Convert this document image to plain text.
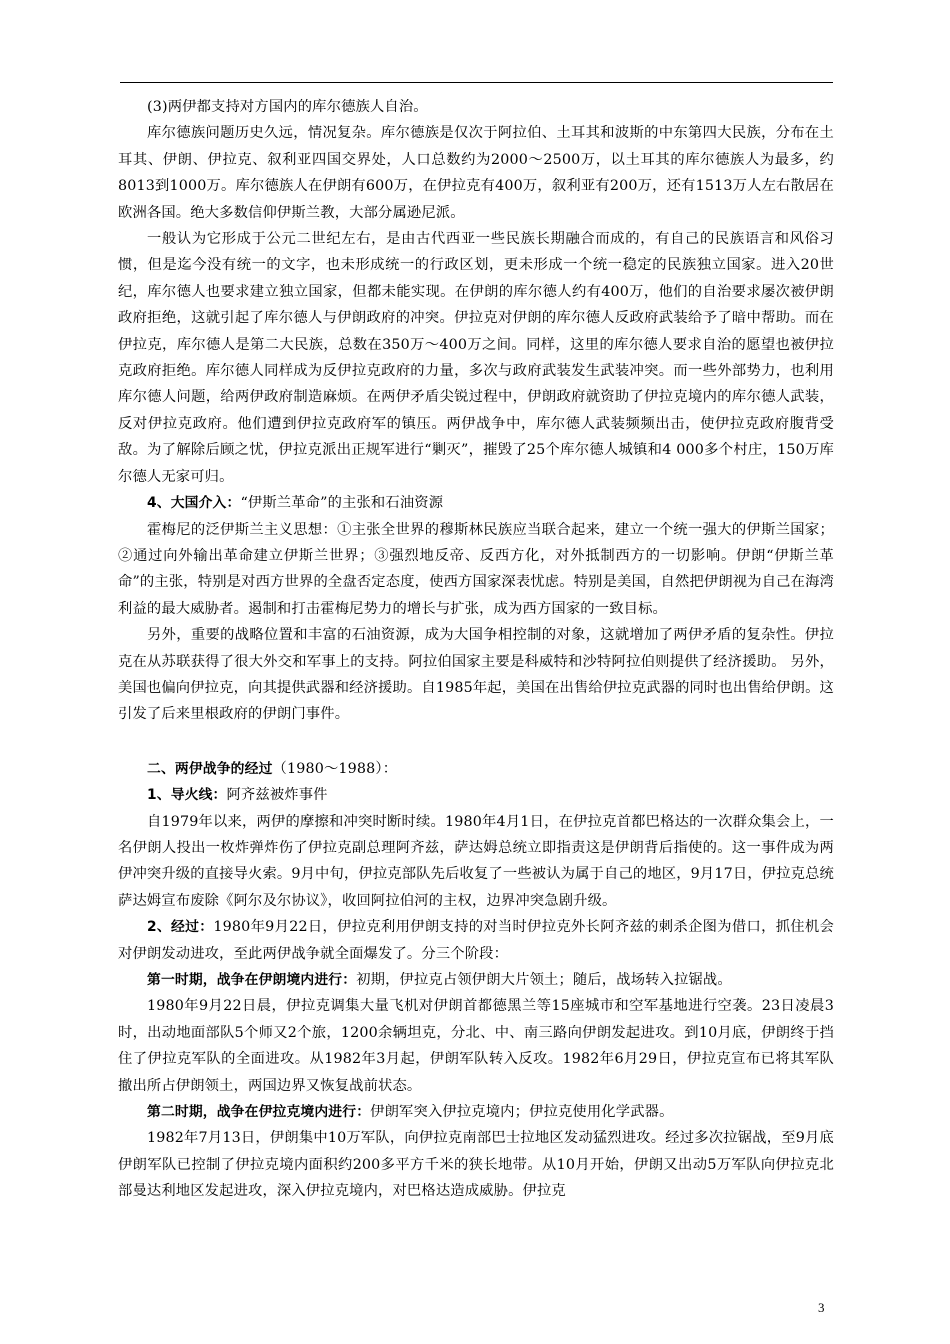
(3)两伊都支持对方国内的库尔德族人自治。

库尔德族问题历史久远，情况复杂。库尔德族是仅次于阿拉伯、土耳其和波斯的中东第四大民族，分布在土耳其、伊朗、伊拉克、叙利亚四国交界处，人口总数约为2000～2500万，以土耳其的库尔德族人为最多，约8013到1000万。库尔德族人在伊朗有600万，在伊拉克有400万，叙利亚有200万，还有1513万人左右散居在欧洲各国。绝大多数信仰伊斯兰教，大部分属逊尼派。

一般认为它形成于公元二世纪左右，是由古代西亚一些民族长期融合而成的，有自己的民族语言和风俗习惯，但是迄今没有统一的文字，也未形成统一的行政区划，更未形成一个统一稳定的民族独立国家。进入20世纪，库尔德人也要求建立独立国家，但都未能实现。在伊朗的库尔德人约有400万，他们的自治要求屡次被伊朗政府拒绝，这就引起了库尔德人与伊朗政府的冲突。伊拉克对伊朗的库尔德人反政府武装给予了暗中帮助。而在伊拉克，库尔德人是第二大民族，总数在350万～400万之间。同样，这里的库尔德人要求自治的愿望也被伊拉克政府拒绝。库尔德人同样成为反伊拉克政府的力量，多次与政府武装发生武装冲突。而一些外部势力，也利用库尔德人问题，给两伊政府制造麻烦。在两伊矛盾尖锐过程中，伊朗政府就资助了伊拉克境内的库尔德人武装，反对伊拉克政府。他们遭到伊拉克政府军的镇压。两伊战争中，库尔德人武装频频出击，使伊拉克政府腹背受敌。为了解除后顾之忧，伊拉克派出正规军进行“剿灭”，摧毁了25个库尔德人城镇和4 000多个村庄，150万库尔德人无家可归。

4、大国介入：“伊斯兰革命”的主张和石油资源

霍梅尼的泛伊斯兰主义思想：①主张全世界的穆斯林民族应当联合起来，建立一个统一强大的伊斯兰国家；②通过向外输出革命建立伊斯兰世界；③强烈地反帝、反西方化，对外抵制西方的一切影响。伊朗“伊斯兰革命”的主张，特别是对西方世界的全盘否定态度，使西方国家深表忧虑。特别是美国，自然把伊朗视为自己在海湾利益的最大威胁者。遏制和打击霍梅尼势力的增长与扩张，成为西方国家的一致目标。

另外，重要的战略位置和丰富的石油资源，成为大国争相控制的对象，这就增加了两伊矛盾的复杂性。伊拉克在从苏联获得了很大外交和军事上的支持。阿拉伯国家主要是科威特和沙特阿拉伯则提供了经济援助。 另外，美国也偏向伊拉克，向其提供武器和经济援助。自1985年起，美国在出售给伊拉克武器的同时也出售给伊朗。这引发了后来里根政府的伊朗门事件。

二、两伊战争的经过（1980～1988）：

1、导火线：阿齐兹被炸事件

自1979年以来，两伊的摩擦和冲突时断时续。1980年4月1日，在伊拉克首都巴格达的一次群众集会上，一名伊朗人投出一枚炸弹炸伤了伊拉克副总理阿齐兹，萨达姆总统立即指责这是伊朗背后指使的。这一事件成为两伊冲突升级的直接导火索。9月中旬，伊拉克部队先后收复了一些被认为属于自己的地区，9月17日，伊拉克总统萨达姆宣布废除《阿尔及尔协议》，收回阿拉伯河的主权，边界冲突急剧升级。

2、经过：1980年9月22日，伊拉克利用伊朗支持的对当时伊拉克外长阿齐兹的刺杀企图为借口，抓住机会对伊朗发动进攻，至此两伊战争就全面爆发了。分三个阶段：

第一时期，战争在伊朗境内进行：初期，伊拉克占领伊朗大片领土；随后，战场转入拉锯战。

1980年9月22日晨，伊拉克调集大量飞机对伊朗首都德黑兰等15座城市和空军基地进行空袭。23日凌晨3时，出动地面部队5个师又2个旅，1200余辆坦克，分北、中、南三路向伊朗发起进攻。到10月底，伊朗终于挡住了伊拉克军队的全面进攻。从1982年3月起，伊朗军队转入反攻。1982年6月29日，伊拉克宣布已将其军队撤出所占伊朗领土，两国边界又恢复战前状态。

第二时期，战争在伊拉克境内进行：伊朗军突入伊拉克境内；伊拉克使用化学武器。

1982年7月13日，伊朗集中10万军队，向伊拉克南部巴士拉地区发动猛烈进攻。经过多次拉锯战，至9月底伊朗军队已控制了伊拉克境内面积约200多平方千米的狭长地带。从10月开始，伊朗又出动5万军队向伊拉克北部曼达利地区发起进攻，深入伊拉克境内，对巴格达造成威胁。伊拉克

3
